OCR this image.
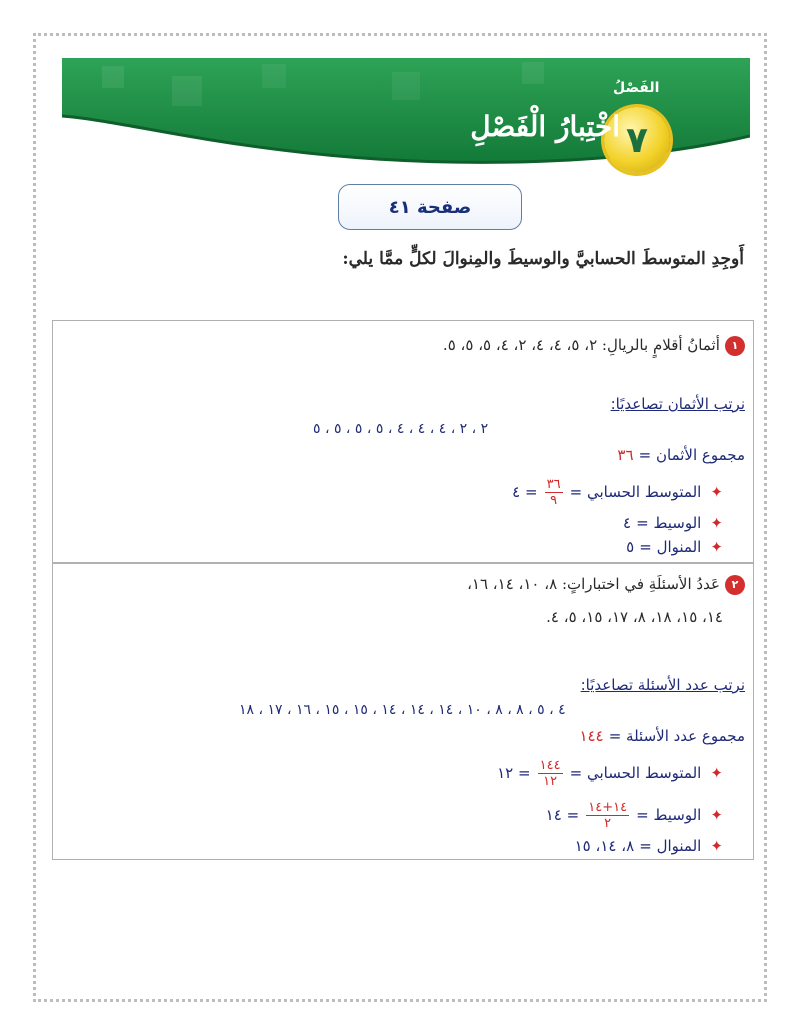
الفَصْلُ
٧
اخْتِبارُ الْفَصْلِ
صفحة ٤١
أَوجِدِ المتوسطَ الحسابيَّ والوسيطَ والمِنوالَ لكلٍّ ممَّا يلي:
١ أثمانُ أقلامٍ بالريالِ: ٢، ٥، ٤، ٤، ٢، ٤، ٥، ٥، ٥.
نرتب الأثمان تصاعديًا:
٢ ، ٢ ، ٤ ، ٤ ، ٤ ، ٥ ، ٥ ، ٥ ، ٥
مجموع الأثمان = ٣٦
✦ المتوسط الحسابي =
$\frac{٣٦}{٩}$
= ٤
✦ الوسيط = ٤
✦ المنوال = ٥
٢ عَددُ الأسئلَةِ في اختباراتٍ: ٨، ١٠، ١٤، ١٦،
١٤، ١٥، ١٨، ٨، ١٧، ١٥، ٥، ٤.
نرتب عدد الأسئلة تصاعديًا:
٤ ، ٥ ، ٨ ، ٨ ، ١٠ ، ١٤ ، ١٤ ، ١٤ ، ١٥ ، ١٥ ، ١٦ ، ١٧ ، ١٨
مجموع عدد الأسئلة = ١٤٤
✦ المتوسط الحسابي =
$\frac{١٤٤}{١٢}$
= ١٢
✦ الوسيط =
$\frac{١٤+١٤}{٢}$
= ١٤
✦ المنوال = ٨، ١٤، ١٥
